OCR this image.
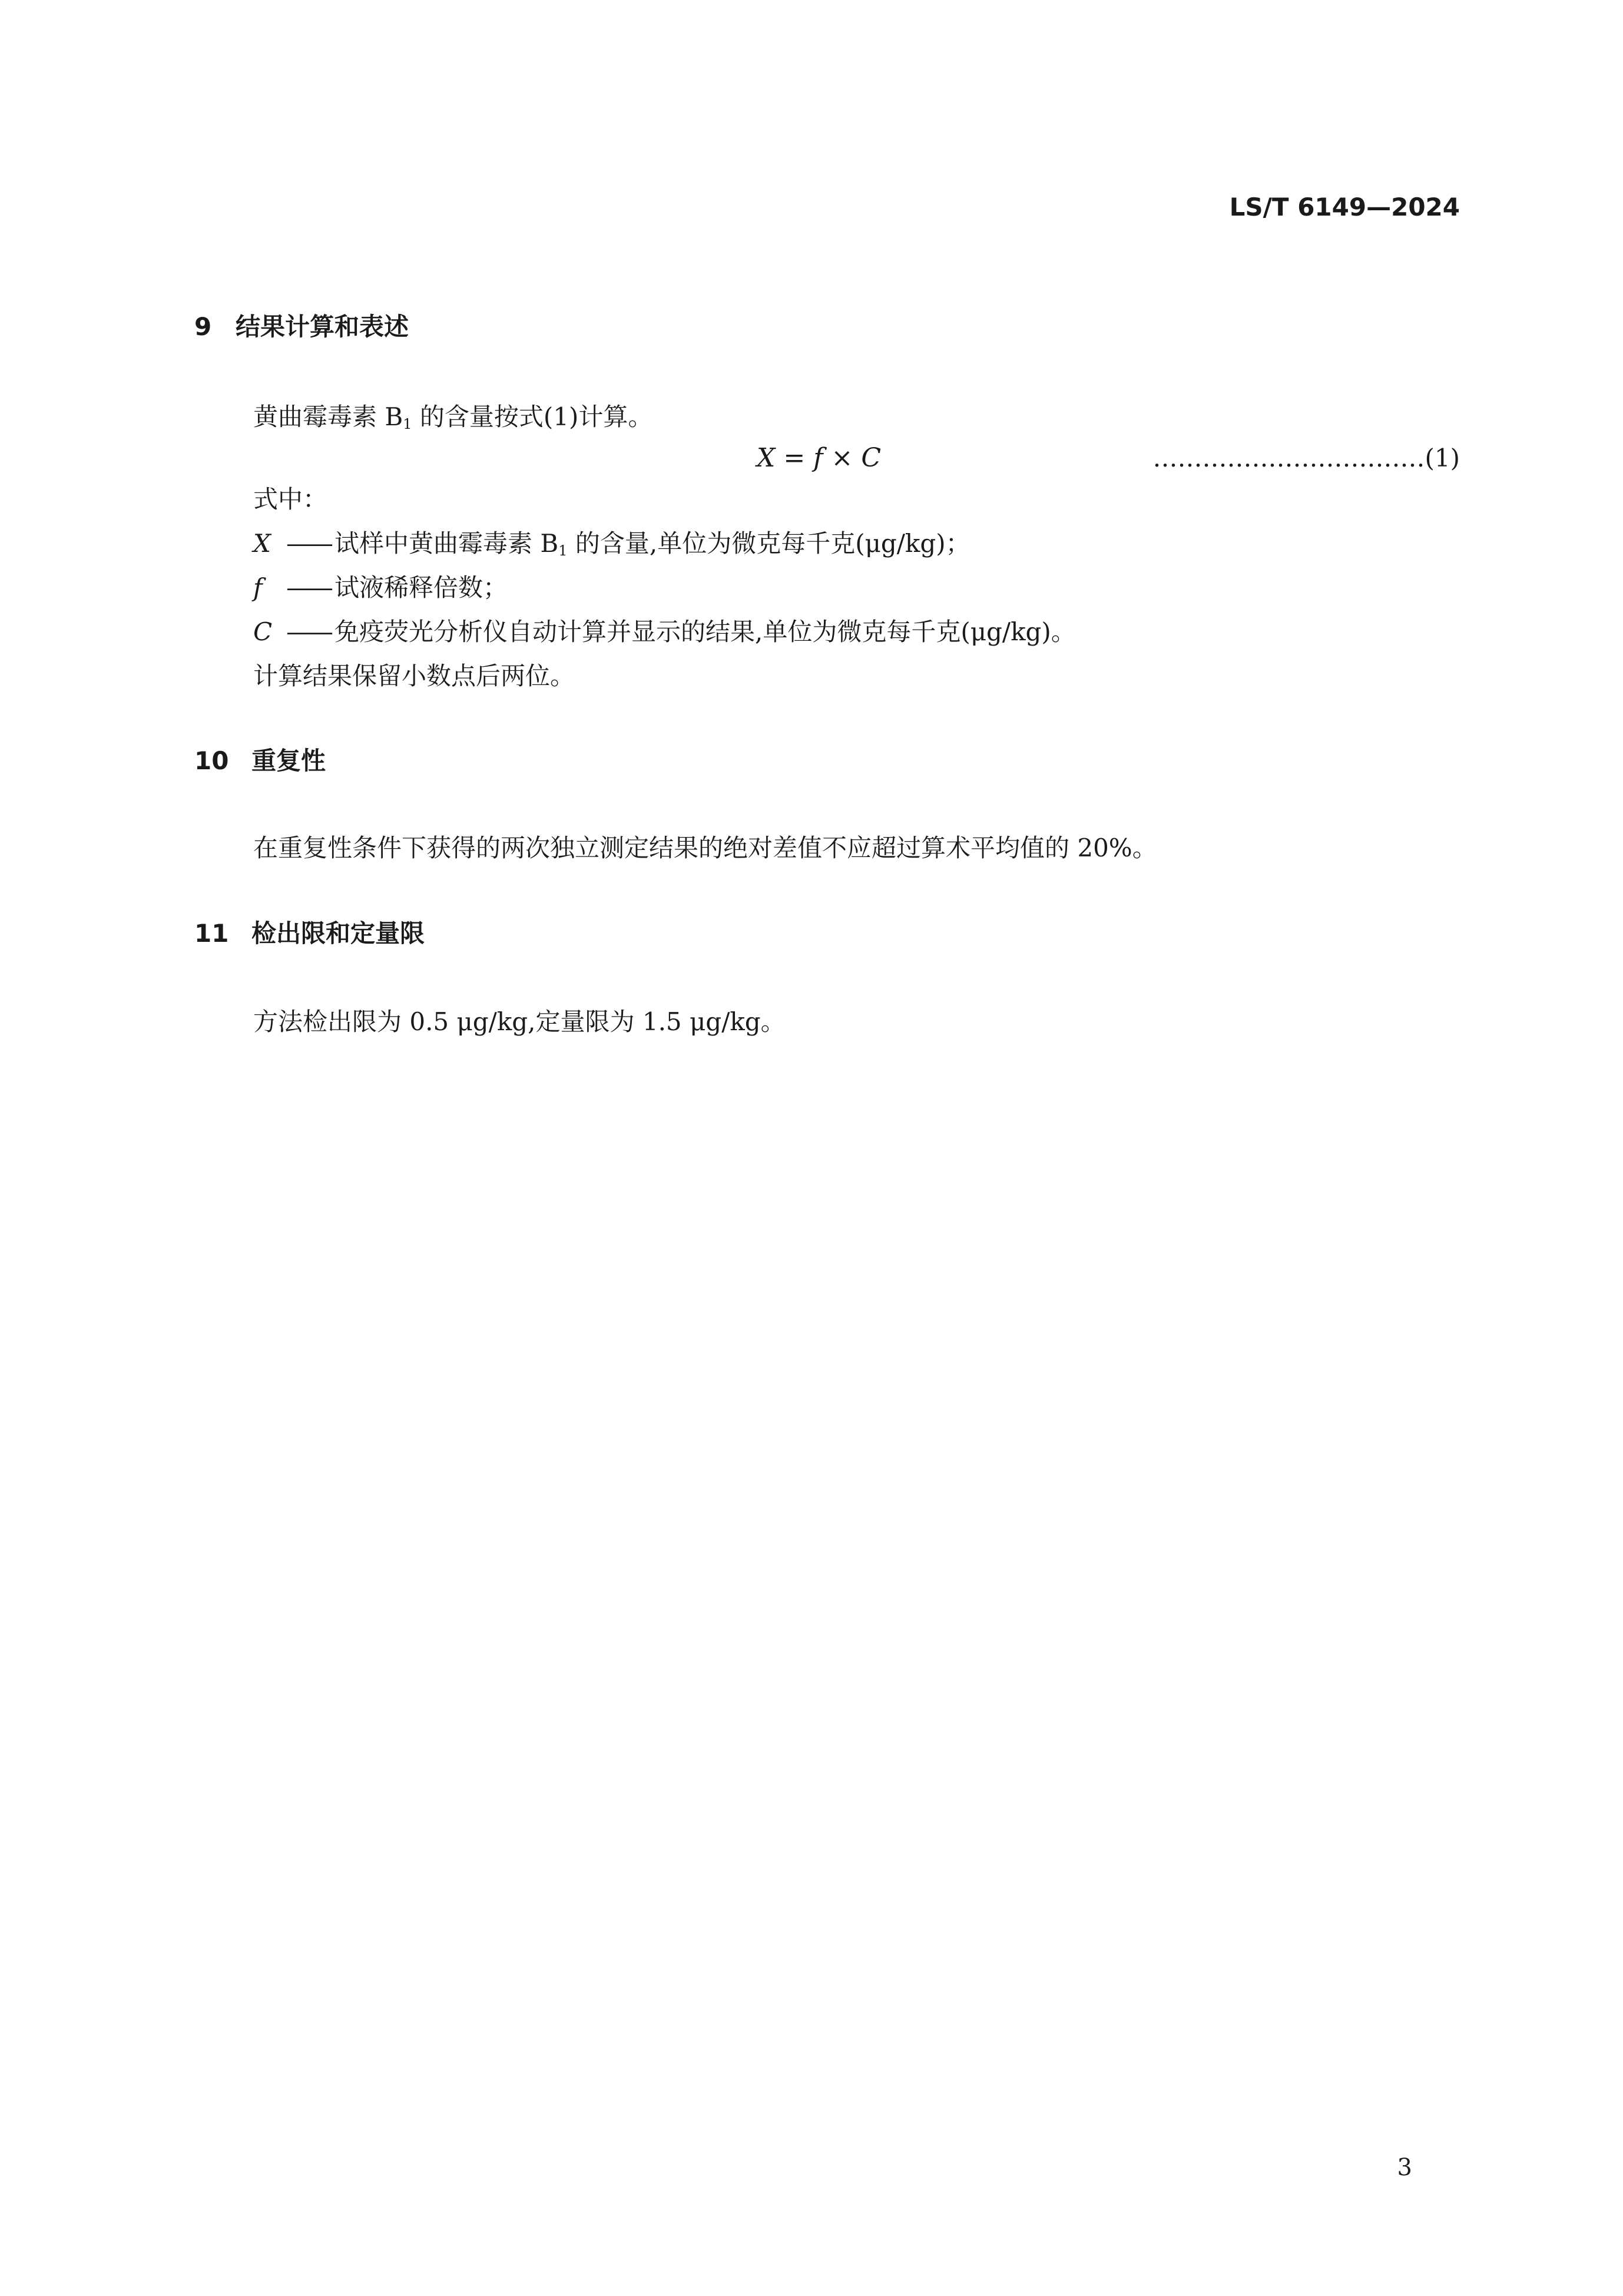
LS/T 6149—2024
9 结果计算和表述
黄曲霉毒素 $B_1$ 的含量按式(1)计算。
X = f × C	……………………………(1)
式中：
X —— 试样中黄曲霉毒素 $B_1$ 的含量,单位为微克每千克(μg/kg)；
f —— 试液稀释倍数；
C —— 免疫荧光分析仪自动计算并显示的结果,单位为微克每千克(μg/kg)。
计算结果保留小数点后两位。
10 重复性
在重复性条件下获得的两次独立测定结果的绝对差值不应超过算术平均值的 20%。
11 检出限和定量限
方法检出限为 0.5 μg/kg,定量限为 1.5 μg/kg。
3
